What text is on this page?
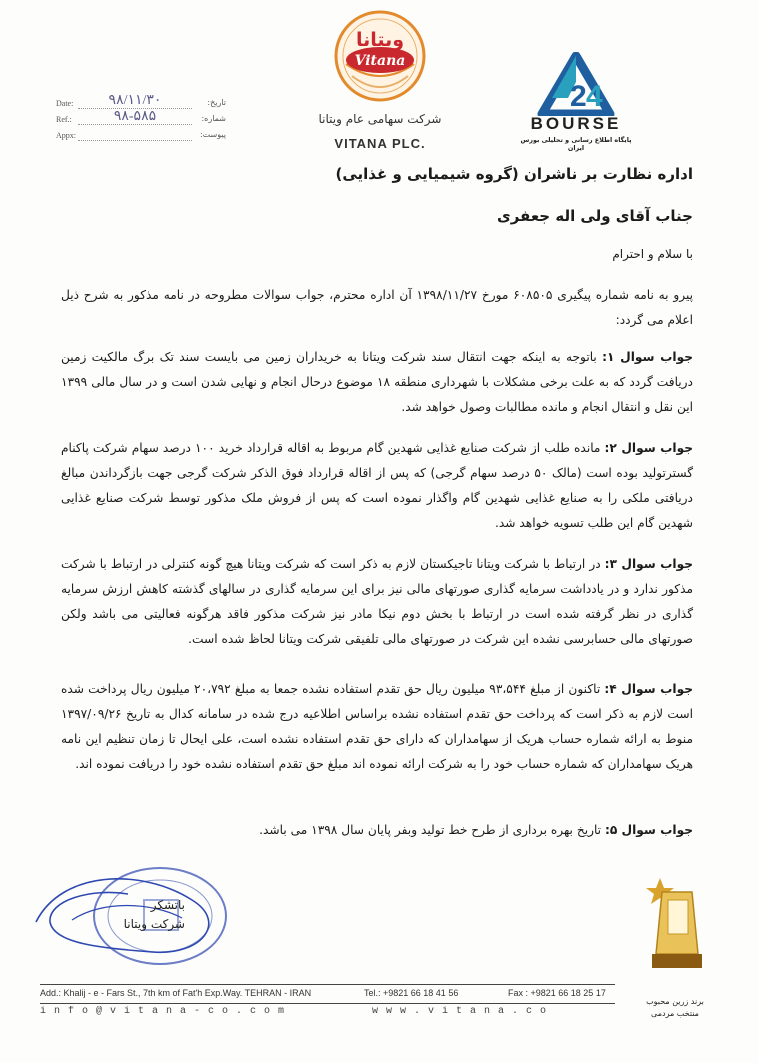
2 4
BOURSE
پایگاه اطلاع رسانی و تحلیلی بورس ایران
ویتانا
Vitana
شرکت سهامی عام ویتانا
VITANA PLC.
Date:	۹۸/۱۱/۳۰	تاریخ:
Ref.:	۹۸-۵۸۵	شماره:
Appx:	پیوست:
اداره نظارت بر ناشران (گروه شیمیایی و غذایی)
جناب آقای ولی اله جعفری
با سلام و احترام
پیرو به نامه شماره پیگیری ۶۰۸۵۰۵ مورخ ۱۳۹۸/۱۱/۲۷ آن اداره محترم، جواب سوالات مطروحه در نامه مذکور به شرح ذیل اعلام می گردد:
جواب سوال ۱: باتوجه به اینکه جهت انتقال سند شرکت ویتانا به خریداران زمین می بایست سند تک برگ مالکیت زمین دریافت گردد که به علت برخی مشکلات با شهرداری منطقه ۱۸ موضوع درحال انجام و نهایی شدن است و در سال مالی ۱۳۹۹ این نقل و انتقال انجام و مانده مطالبات وصول خواهد شد.
جواب سوال ۲: مانده طلب از شرکت صنایع غذایی شهدین گام مربوط به اقاله قرارداد خرید ۱۰۰ درصد سهام شرکت پاکنام گسترتولید بوده است (مالک ۵۰ درصد سهام گرجی) که پس از اقاله قرارداد فوق الذکر شرکت گرجی جهت بازگرداندن مبالغ دریافتی ملکی را به صنایع غذایی شهدین گام واگذار نموده است که پس از فروش ملک مذکور توسط شرکت صنایع غذایی شهدین گام این طلب تسویه خواهد شد.
جواب سوال ۳: در ارتباط با شرکت ویتانا تاجیکستان لازم به ذکر است که شرکت ویتانا هیچ گونه کنترلی در ارتباط با شرکت مذکور ندارد و در یادداشت سرمایه گذاری صورتهای مالی نیز برای این سرمایه گذاری در سالهای گذشته کاهش ارزش سرمایه گذاری در نظر گرفته شده است در ارتباط با بخش دوم نیکا مادر نیز شرکت مذکور فاقد هرگونه فعالیتی می باشد ولکن صورتهای مالی حسابرسی نشده این شرکت در صورتهای مالی تلفیقی شرکت ویتانا لحاظ شده است.
جواب سوال ۴: تاکنون از مبلغ ۹۳،۵۴۴ میلیون ریال حق تقدم استفاده نشده جمعا به مبلغ ۲۰،۷۹۲ میلیون ریال پرداخت شده است لازم به ذکر است که پرداخت حق تقدم استفاده نشده براساس اطلاعیه درج شده در سامانه کدال به تاریخ ۱۳۹۷/۰۹/۲۶ منوط به ارائه شماره حساب هریک از سهامداران که دارای حق تقدم استفاده نشده است، علی ایحال تا زمان تنظیم این نامه هریک سهامداران که شماره حساب خود را به شرکت ارائه نموده اند مبلغ حق تقدم استفاده نشده خود را دریافت نموده اند.
جواب سوال ۵: تاریخ بهره برداری از طرح خط تولید وبفر پایان سال ۱۳۹۸ می باشد.
باتشکر
شرکت ویتانا
برند زرین محبوب
منتخب مردمی
Add.: Khalij - e - Fars St., 7th km of Fat'h Exp.Way. TEHRAN - IRAN	Tel.: +9821 66 18 41 56	Fax : +9821 66 18 25 17
info@vitana-co.com	www.vitana.co
